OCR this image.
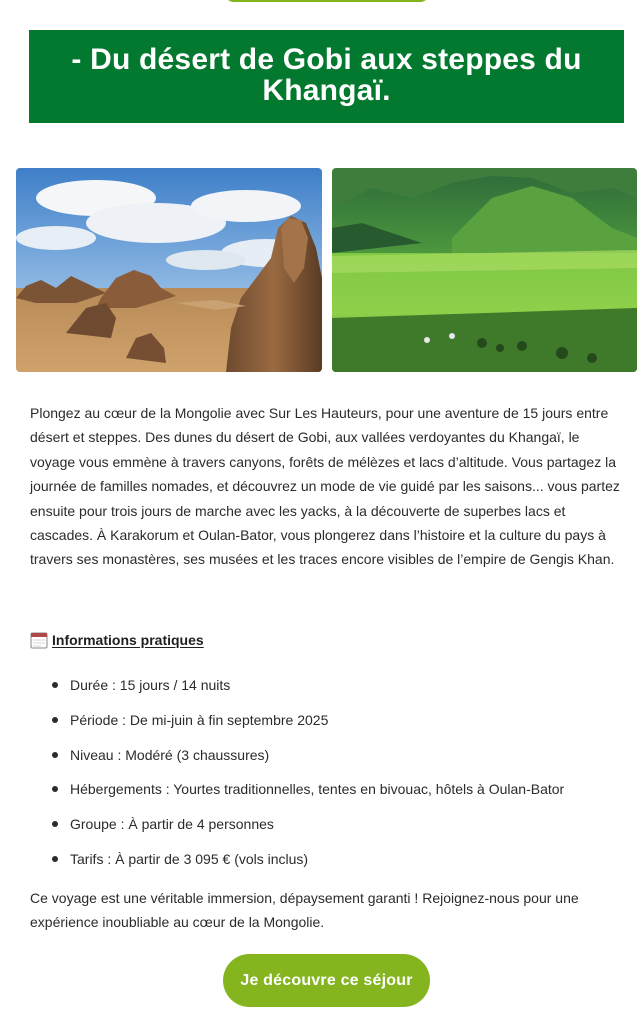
- Du désert de Gobi aux steppes du Khangaï.

Plongez au cœur de la Mongolie avec Sur Les Hauteurs, pour une aventure de 15 jours entre désert et steppes. Des dunes du désert de Gobi, aux vallées verdoyantes du Khangaï, le voyage vous emmène à travers canyons, forêts de mélèzes et lacs d’altitude. Vous partagez la journée de familles nomades, et découvrez un mode de vie guidé par les saisons... vous partez ensuite pour trois jours de marche avec les yacks, à la découverte de superbes lacs et cascades. À Karakorum et Oulan-Bator, vous plongerez dans l’histoire et la culture du pays à travers ses monastères, ses musées et les traces encore visibles de l’empire de Gengis Khan.

Informations pratiques
Durée : 15 jours / 14 nuits
Période : De mi-juin à fin septembre 2025
Niveau : Modéré (3 chaussures)
Hébergements : Yourtes traditionnelles, tentes en bivouac, hôtels à Oulan-Bator
Groupe : À partir de 4 personnes
Tarifs : À partir de 3 095 € (vols inclus)

Ce voyage est une véritable immersion, dépaysement garanti ! Rejoignez-nous pour une expérience inoubliable au cœur de la Mongolie.

Je découvre ce séjour
